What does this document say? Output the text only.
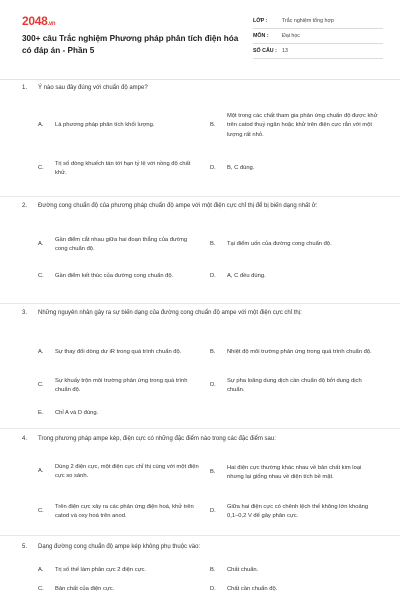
2048.vn
300+ câu Trắc nghiệm Phương pháp phân tích điện hóa có đáp án - Phần 5
LỚP :	Trắc nghiệm tổng hợp
MÔN :	Đại học
SỐ CÂU : 13
1. Ý nào sau đây đúng với chuẩn độ ampe?
A.	Là phương pháp phân tích khối lượng.	B.
Một trong các chất tham gia phản ứng chuẩn độ được khử trên catod thuỷ ngân hoặc khử trên điện cực rắn với một lượng rất nhỏ.
C.
Trị số dòng khuếch tán tới hạn tỷ lệ với nồng độ chất khử.
D.	B, C đúng.
2. Đường cong chuẩn độ của phương pháp chuẩn độ ampe với một điện cực chỉ thị để bị biến dạng nhất ở:
A.
Gần điểm cắt nhau giữa hai đoạn thẳng của đường cong chuẩn độ.
B.	Tại điểm uốn của đường cong chuẩn độ.
C.	Gần điểm kết thúc của đường cong chuẩn độ.	D.	A, C đều đúng.
3. Những nguyên nhân gây ra sự biến dạng của đường cong chuẩn độ ampe với một điện cực chỉ thị:
A.	Sự thay đổi dòng dư iR trong quá trình chuẩn độ.	B.	Nhiệt độ môi trường phản ứng trong quá trình chuẩn độ.
C.
Sự khuấy trộn môi trường phản ứng trong quá trình chuẩn độ.
D.
Sự pha loãng dung dịch cần chuẩn độ bởi dung dịch chuẩn.
E.	Chỉ A và D đúng.
4. Trong phương pháp ampe kép, điện cực có những đặc điểm nào trong các đặc điểm sau:
A.
Dùng 2 điện cực, một điện cực chỉ thị cùng với một điện cực so sánh.
B.
Hai điện cực thường khác nhau về bản chất kim loại nhưng lại giống nhau về diện tích bề mặt.
C.
Trên điện cực xảy ra các phản ứng điện hoá, khử trên catod và oxy hoá trên anod.
D.
Giữa hai điện cực có chênh lệch thế không lớn khoảng 0,1–0,2 V để gây phân cực.
5. Dạng đường cong chuẩn độ ampe kép không phụ thuộc vào:
A.	Trị số thế làm phân cực 2 điện cực.	B.	Chất chuẩn.
C.	Bản chất của điện cực.	D.	Chất cần chuẩn độ.
